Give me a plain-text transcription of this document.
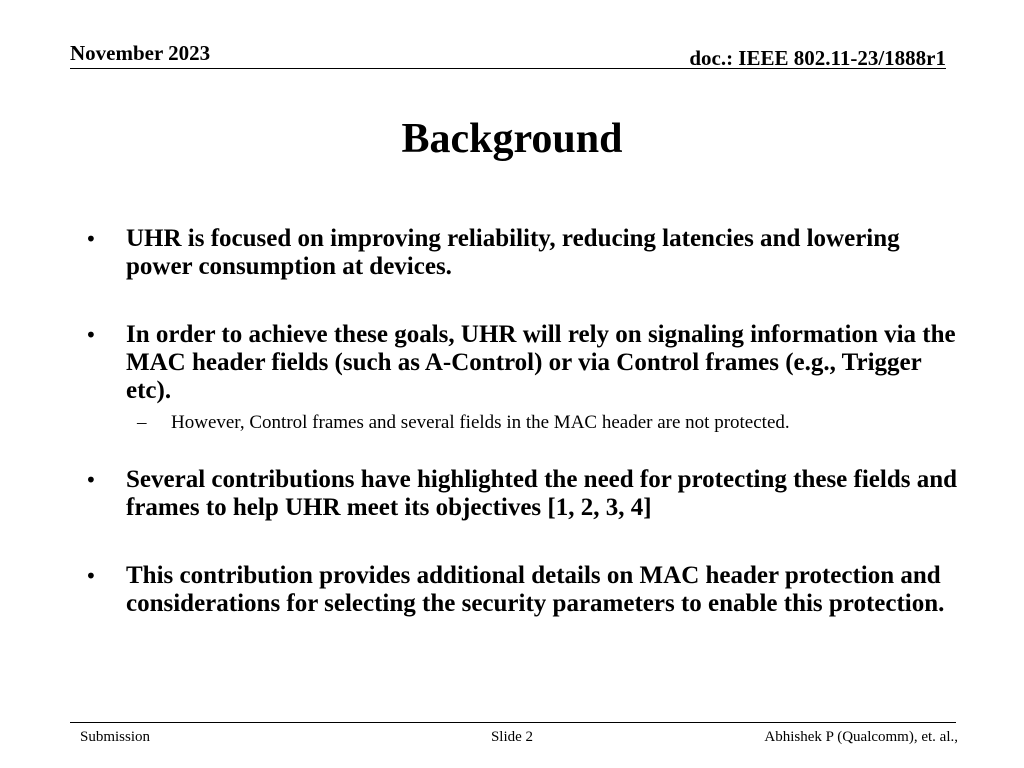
November 2023	doc.: IEEE 802.11-23/1888r1
Background
• UHR is focused on improving reliability, reducing latencies and lowering power consumption at devices.
• In order to achieve these goals, UHR will rely on signaling information via the MAC header fields (such as A-Control) or via Control frames (e.g., Trigger etc).
– However, Control frames and several fields in the MAC header are not protected.
• Several contributions have highlighted the need for protecting these fields and frames to help UHR meet its objectives [1, 2, 3, 4]
• This contribution provides additional details on MAC header protection and considerations for selecting the security parameters to enable this protection.
Submission	Slide 2	Abhishek P (Qualcomm), et. al.,
